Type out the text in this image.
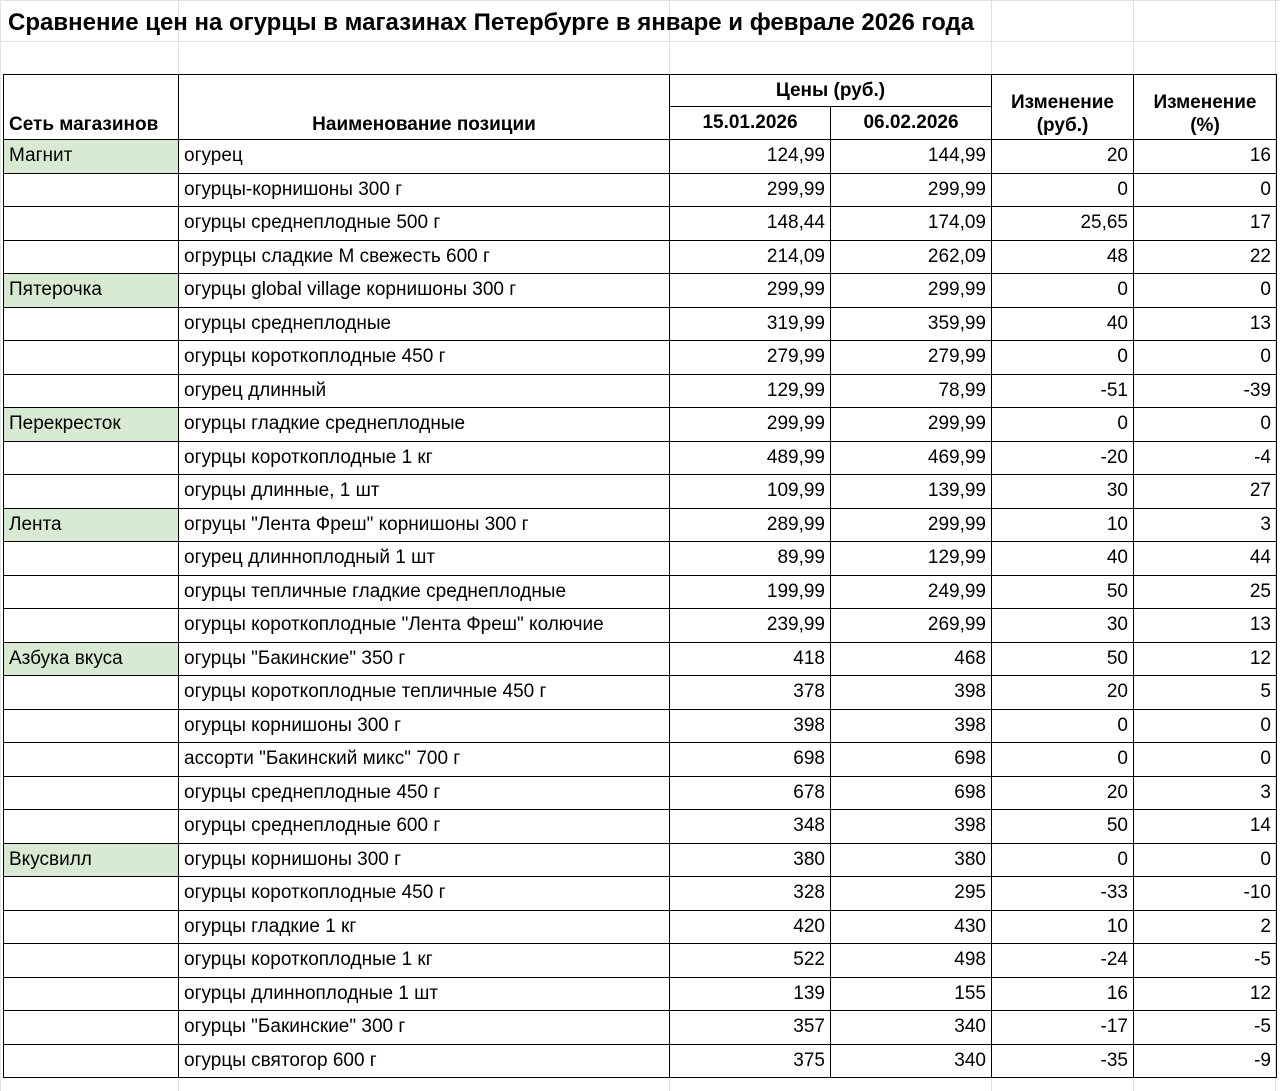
Сравнение цен на огурцы в магазинах Петербурге в январе и феврале 2026 года
Сеть магазинов	Наименование позиции	Цены (руб.)		Изменение (руб.)	Изменение (%)
		15.01.2026	06.02.2026		
Магнит	огурец	124,99	144,99	20	16
	огурцы-корнишоны 300 г	299,99	299,99	0	0
	огурцы среднеплодные 500 г	148,44	174,09	25,65	17
	огрурцы сладкие М свежесть 600 г	214,09	262,09	48	22
Пятерочка	огурцы global village корнишоны 300 г	299,99	299,99	0	0
	огурцы среднеплодные	319,99	359,99	40	13
	огурцы короткоплодные 450 г	279,99	279,99	0	0
	огурец длинный	129,99	78,99	-51	-39
Перекресток	огурцы гладкие среднеплодные	299,99	299,99	0	0
	огурцы короткоплодные 1 кг	489,99	469,99	-20	-4
	огурцы длинные, 1 шт	109,99	139,99	30	27
Лента	огруцы "Лента Фреш" корнишоны 300 г	289,99	299,99	10	3
	огурец длинноплодный 1 шт	89,99	129,99	40	44
	огурцы тепличные гладкие среднеплодные	199,99	249,99	50	25
	огурцы короткоплодные "Лента Фреш" колючие	239,99	269,99	30	13
Азбука вкуса	огурцы "Бакинские" 350 г	418	468	50	12
	огурцы короткоплодные тепличные 450 г	378	398	20	5
	огурцы корнишоны 300 г	398	398	0	0
	ассорти "Бакинский микс" 700 г	698	698	0	0
	огурцы среднеплодные 450 г	678	698	20	3
	огурцы среднеплодные 600 г	348	398	50	14
Вкусвилл	огурцы корнишоны 300 г	380	380	0	0
	огурцы короткоплодные 450 г	328	295	-33	-10
	огурцы гладкие 1 кг	420	430	10	2
	огурцы короткоплодные 1 кг	522	498	-24	-5
	огурцы длинноплодные 1 шт	139	155	16	12
	огурцы "Бакинские" 300 г	357	340	-17	-5
	огурцы святогор 600 г	375	340	-35	-9
